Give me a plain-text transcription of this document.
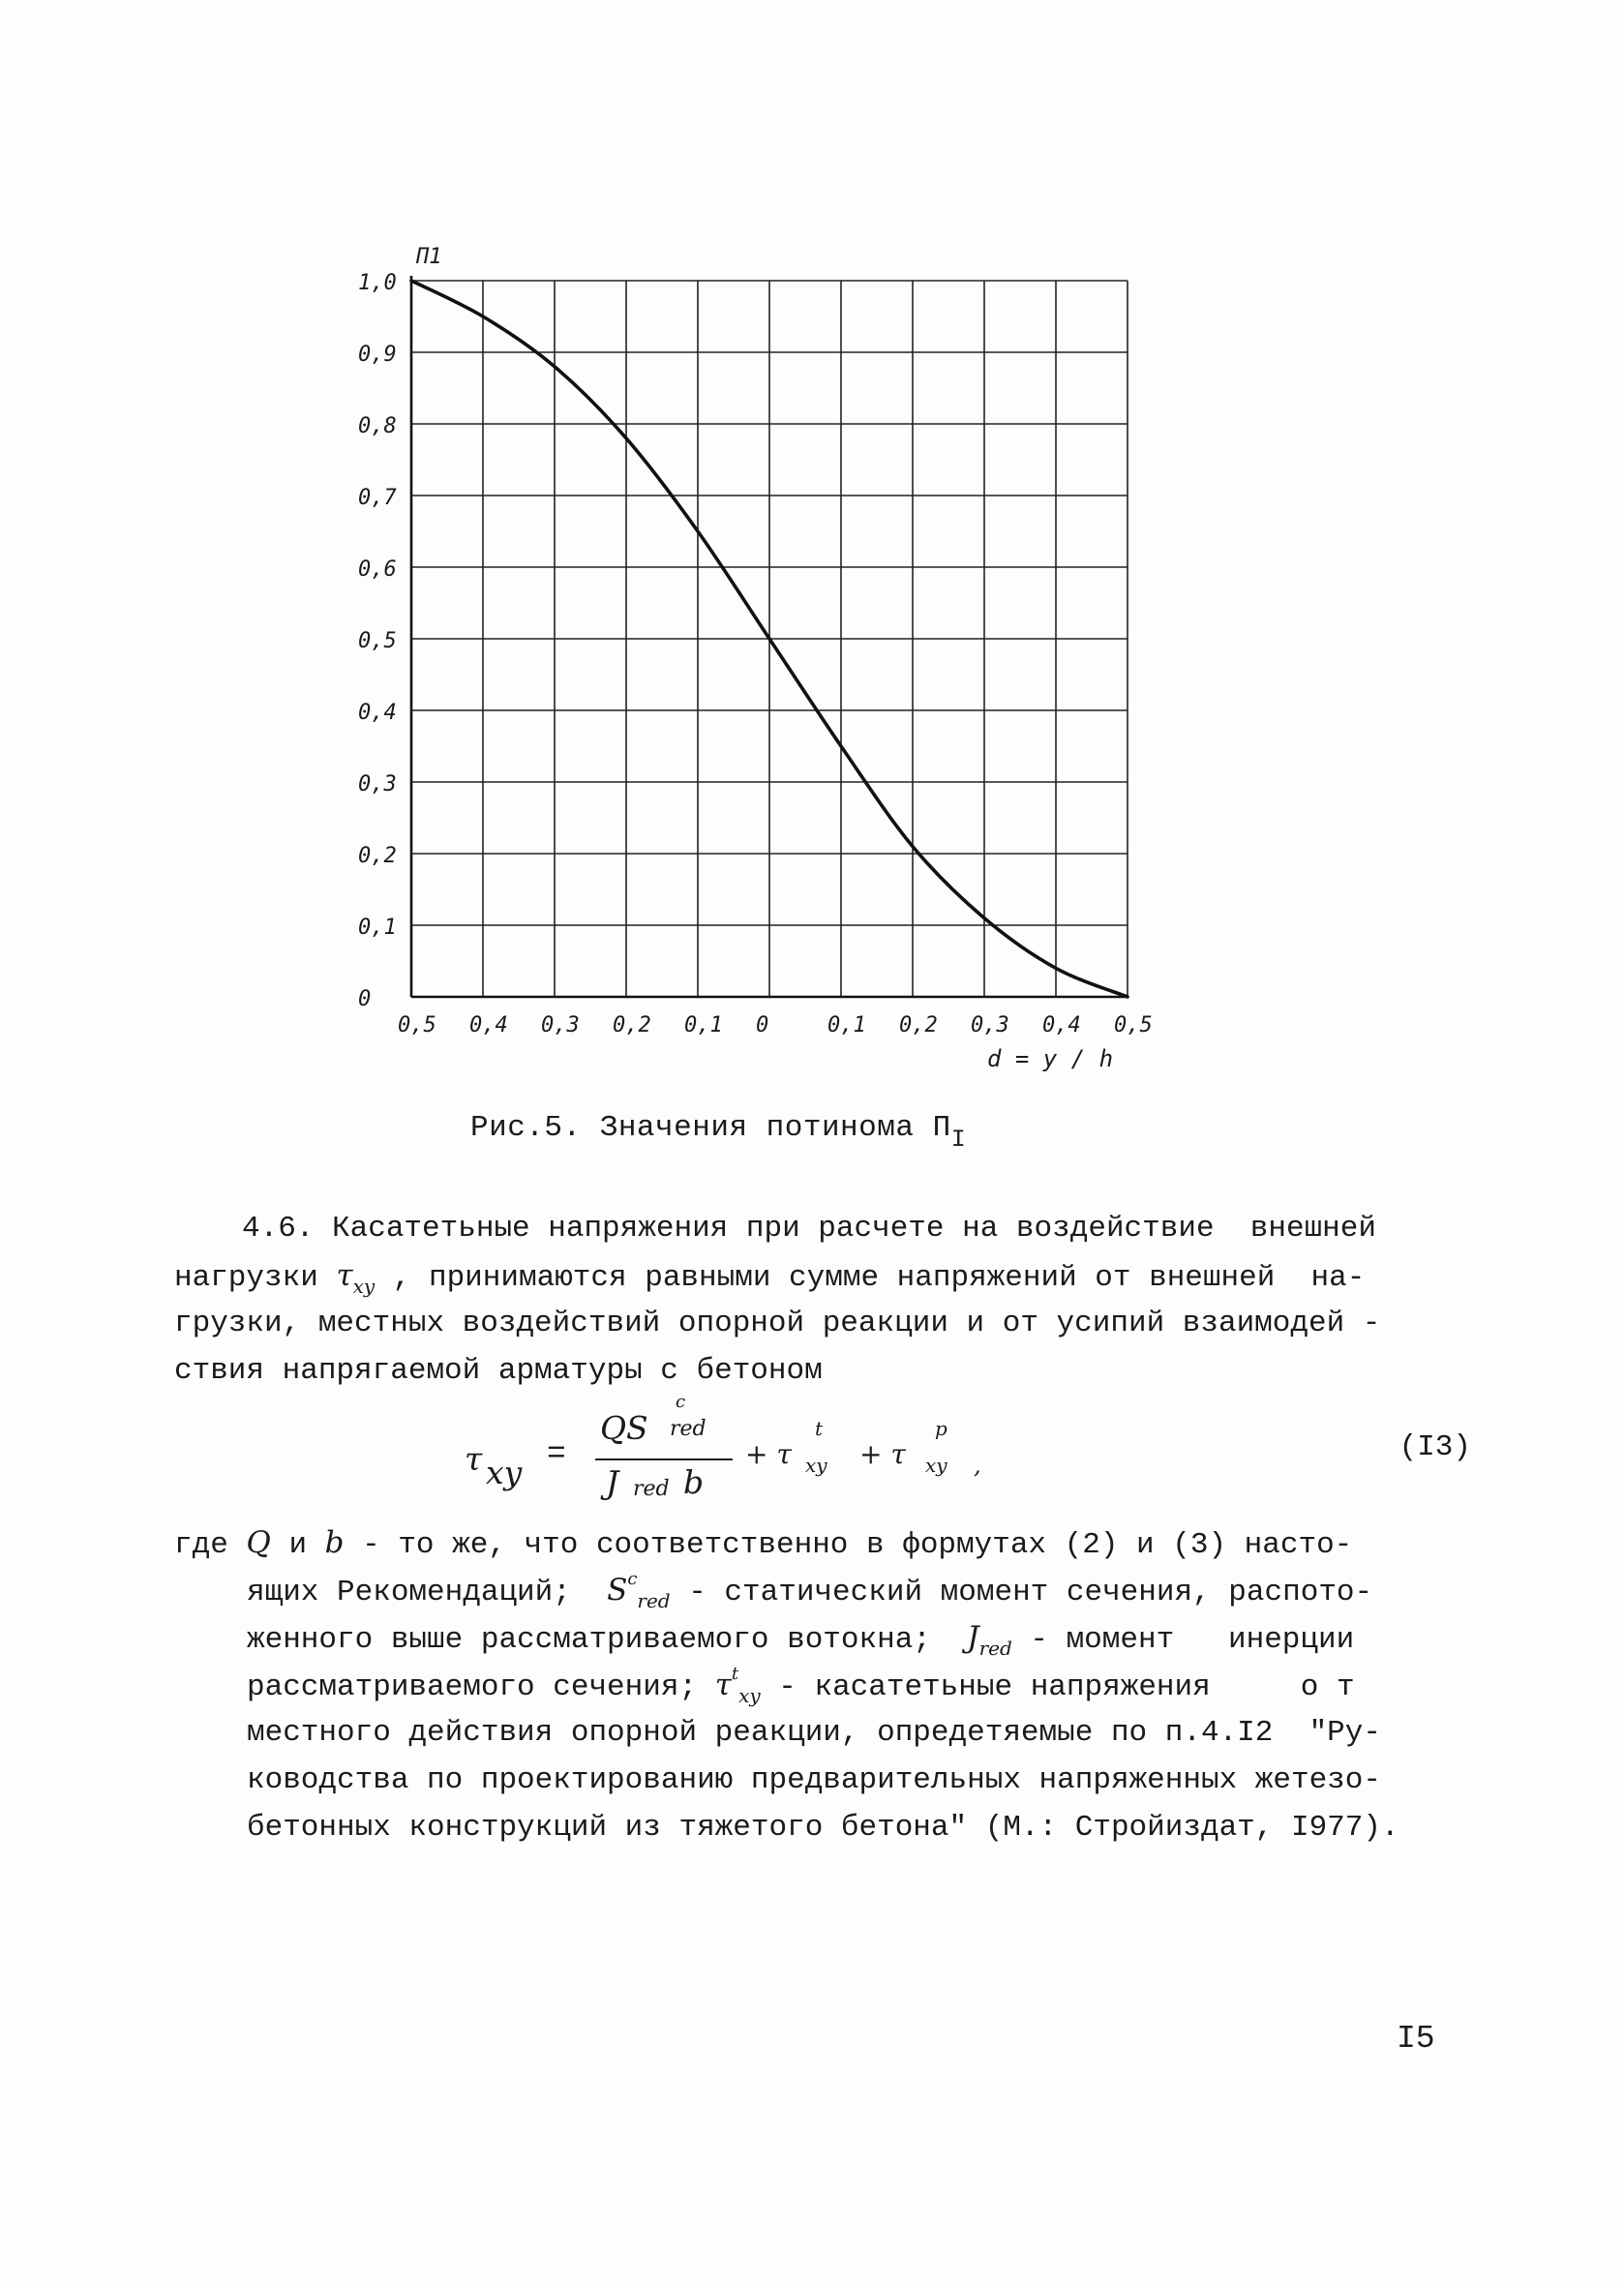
1,0
0,9
0,8
0,7
0,6
0,5
0,4
0,3
0,2
0,1
0
0,5 0,4 0,3 0,2 0,1 0	0,1 0,2 0,3 0,4 0,5
П1
d = y / h
Рис.5. Значения потинома $П_I$
4.6. Касатетьные напряжения при расчете на воздействие  внешней
нагрузки $\tau_{xy}$ , принимаются равными сумме напряжений от внешней  на-
грузки, местных воздействий опорной реакции и от усипий взаимодей -
ствия напрягаемой арматуры с бетоном
τ xy =
QS
c
red
J red b
+ τ
t
xy + τ
p
xy ,
(I3)
где Q и b - то же, что соответственно в формутах (2) и (3) насто-
ящих Рекомендаций;  $S^c_{red}$ - статический момент сечения, распото-
женного выше рассматриваемого вотокна;  $J_{red}$ - момент   инерции
рассматриваемого сечения; $\tau^t_{xy}$ - касатетьные напряжения     о т
местного действия опорной реакции, опредетяемые по п.4.I2  "Ру-
ководства по проектированию предварительных напряженных жетезо-
бетонных конструкций из тяжетого бетона" (М.: Стройиздат, I977).
I5
